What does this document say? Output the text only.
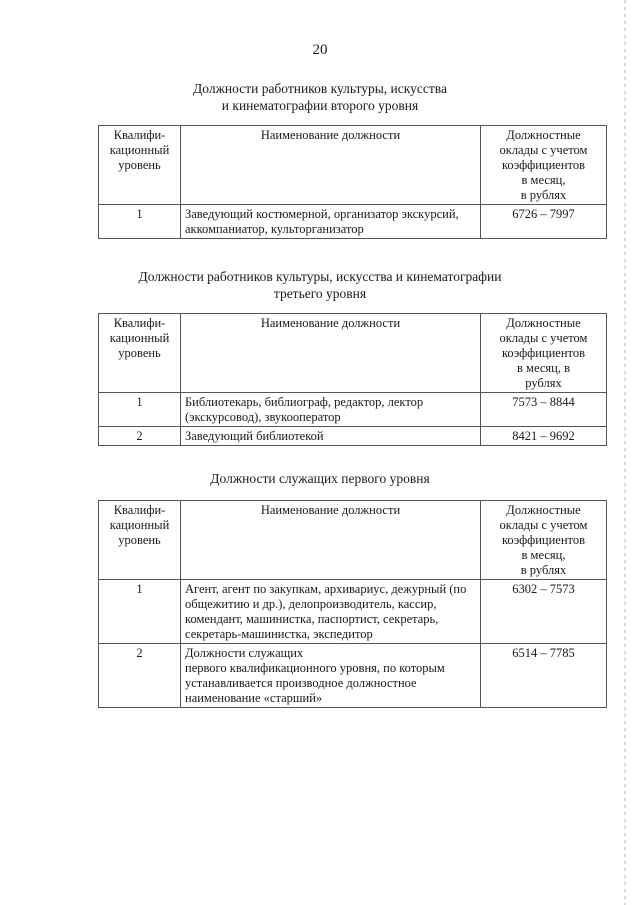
20
Должности работников культуры, искусства
и кинематографии второго уровня
Квалифи-
кационный
уровень	Наименование должности	Должностные
оклады с учетом
коэффициентов
в месяц,
в рублях
1	Заведующий костюмерной, организатор экскурсий, аккомпаниатор, культорганизатор	6726 – 7997
Должности работников культуры, искусства и кинематографии
третьего уровня
Квалифи-
кационный
уровень	Наименование должности	Должностные
оклады с учетом
коэффициентов
в месяц, в
рублях
1	Библиотекарь, библиограф, редактор, лектор (экскурсовод), звукооператор	7573 – 8844
2	Заведующий библиотекой	8421 – 9692
Должности служащих первого уровня
Квалифи-
кационный
уровень	Наименование должности	Должностные
оклады с учетом
коэффициентов
в месяц,
в рублях
1	Агент, агент по закупкам, архивариус, дежурный (по общежитию и др.), делопроизводитель, кассир, комендант, машинистка, паспортист, секретарь, секретарь-машинистка, экспедитор	6302 – 7573
2	Должности служащих
первого квалификационного уровня, по которым устанавливается производное должностное наименование «старший»	6514 – 7785
